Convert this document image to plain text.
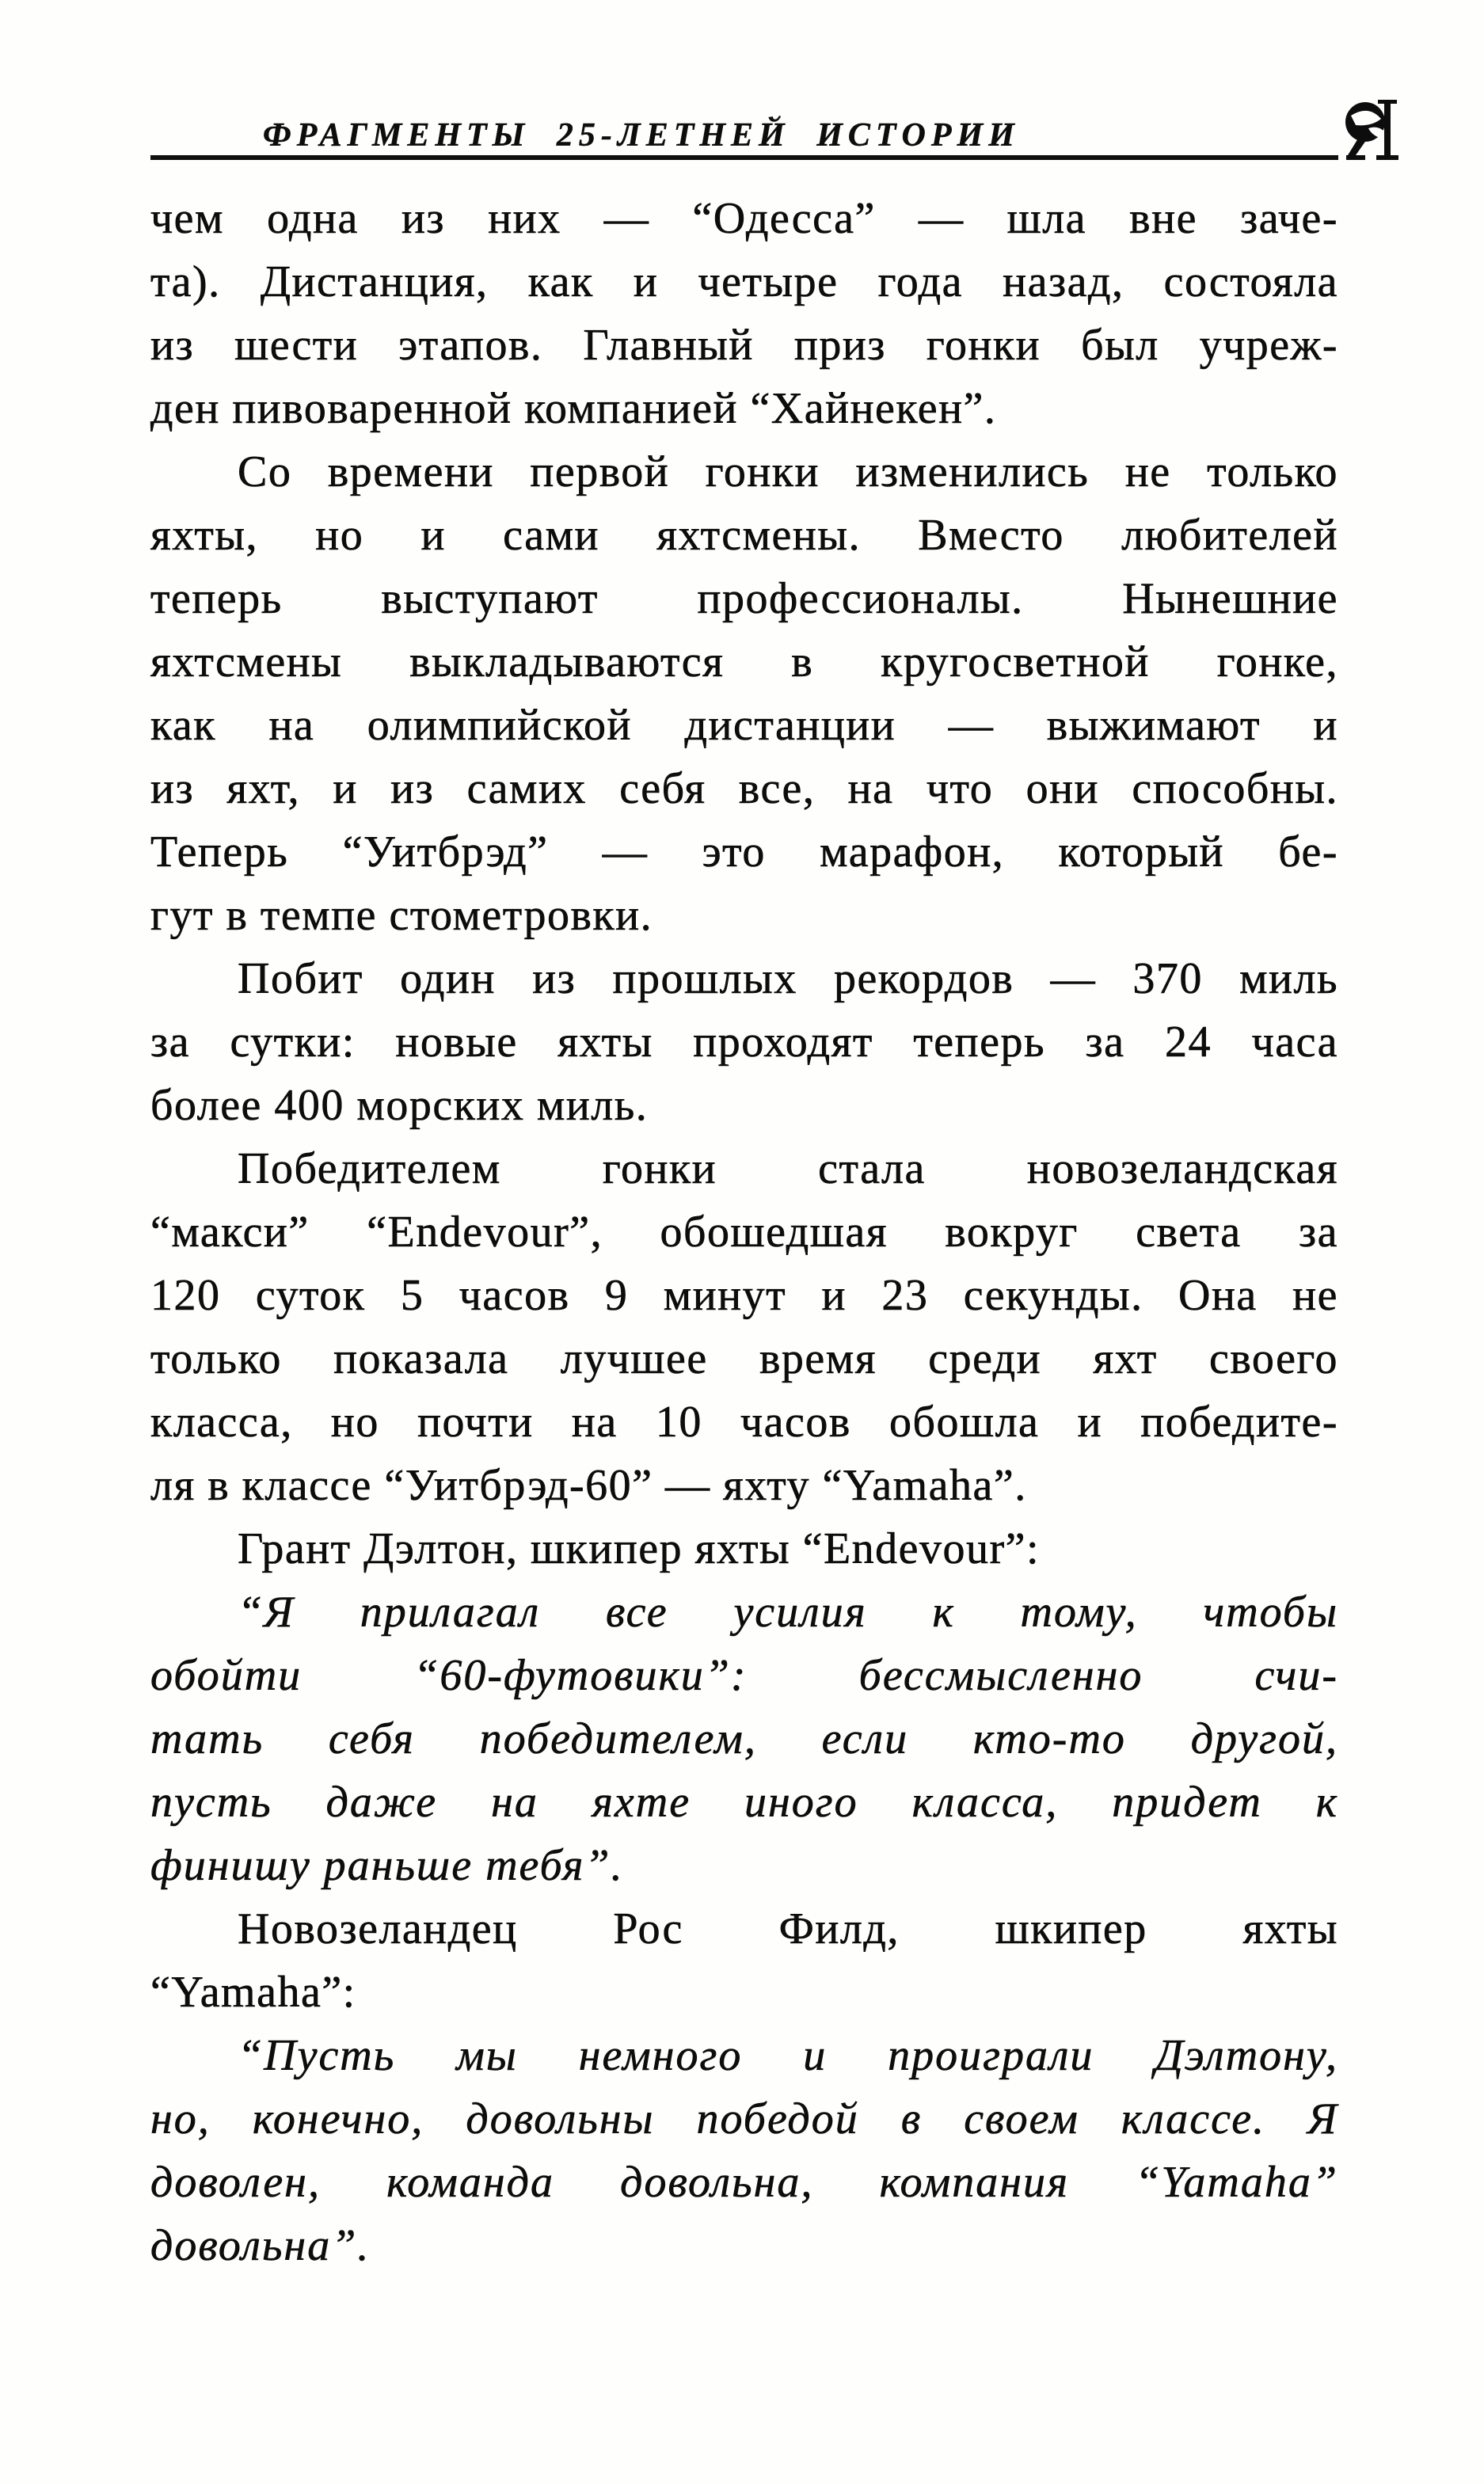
ФРАГМЕНТЫ 25-ЛЕТНЕЙ ИСТОРИИ
чем одна из них — “Одесса” — шла вне заче-
та). Дистанция, как и четыре года назад, состояла
из шести этапов. Главный приз гонки был учреж-
ден пивоваренной компанией “Хайнекен”.
Со времени первой гонки изменились не только
яхты, но и сами яхтсмены. Вместо любителей
теперь выступают профессионалы. Нынешние
яхтсмены выкладываются в кругосветной гонке,
как на олимпийской дистанции — выжимают и
из яхт, и из самих себя все, на что они способны.
Теперь “Уитбрэд” — это марафон, который бе-
гут в темпе стометровки.
Побит один из прошлых рекордов — 370 миль
за сутки: новые яхты проходят теперь за 24 часа
более 400 морских миль.
Победителем гонки стала новозеландская
“макси” “Endevour”, обошедшая вокруг света за
120 суток 5 часов 9 минут и 23 секунды. Она не
только показала лучшее время среди яхт своего
класса, но почти на 10 часов обошла и победите-
ля в классе “Уитбрэд-60” — яхту “Yamaha”.
Грант Дэлтон, шкипер яхты “Endevour”:
“Я прилагал все усилия к тому, чтобы
обойти “60-футовики”: бессмысленно счи-
тать себя победителем, если кто-то другой,
пусть даже на яхте иного класса, придет к
финишу раньше тебя”.
Новозеландец Рос Филд, шкипер яхты
“Yamaha”:
“Пусть мы немного и проиграли Дэлтону,
но, конечно, довольны победой в своем классе. Я
доволен, команда довольна, компания “Yamaha”
довольна”.
